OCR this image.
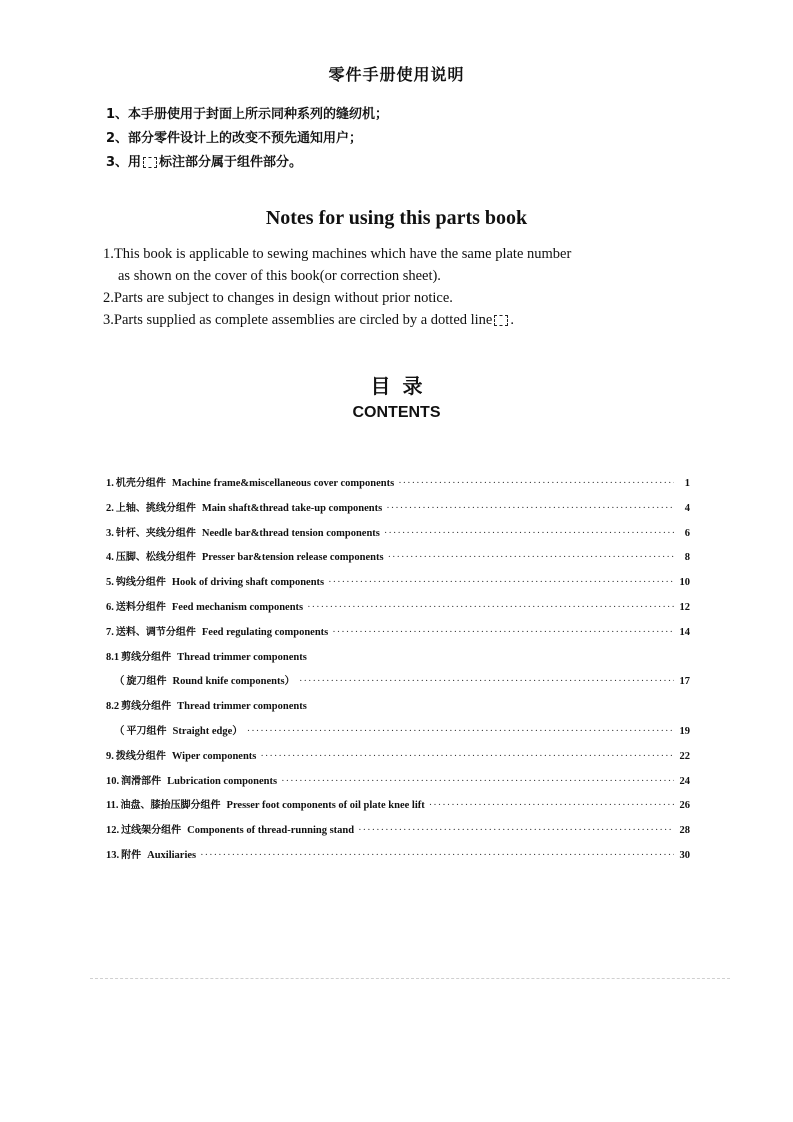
零件手册使用说明
1、本手册使用于封面上所示同种系列的缝纫机；
2、部分零件设计上的改变不预先通知用户；
3、用 标注部分属于组件部分。
Notes for using this parts book
1.This book is applicable to sewing machines which have the same plate number
as shown on the cover of this book(or correction sheet).
2.Parts are subject to changes in design without prior notice.
3.Parts supplied as complete assemblies are circled by a dotted line .
目录
CONTENTS
1. 机壳分组件 Machine frame&miscellaneous cover components ·····	1
2. 上轴、挑线分组件 Main shaft&thread take-up components ·····	4
3. 针杆、夹线分组件 Needle bar&thread tension components ·····	6
4. 压脚、松线分组件 Presser bar&tension release components ·····	8
5. 钩线分组件 Hook of driving shaft components ·····	10
6. 送料分组件 Feed mechanism components ·····	12
7. 送料、调节分组件 Feed regulating components ·····	14
8.1 剪线分组件 Thread trimmer components
（ 旋刀组件 Round knife components） ·····	17
8.2 剪线分组件 Thread trimmer components
（ 平刀组件 Straight edge） ·····	19
9. 拨线分组件 Wiper components ·····	22
10. 润滑部件 Lubrication components ·····	24
11. 油盘、膝抬压脚分组件 Presser foot components of oil plate knee lift ·····	26
12. 过线架分组件 Components of thread-running stand ·····	28
13. 附件 Auxiliaries ·····	30
